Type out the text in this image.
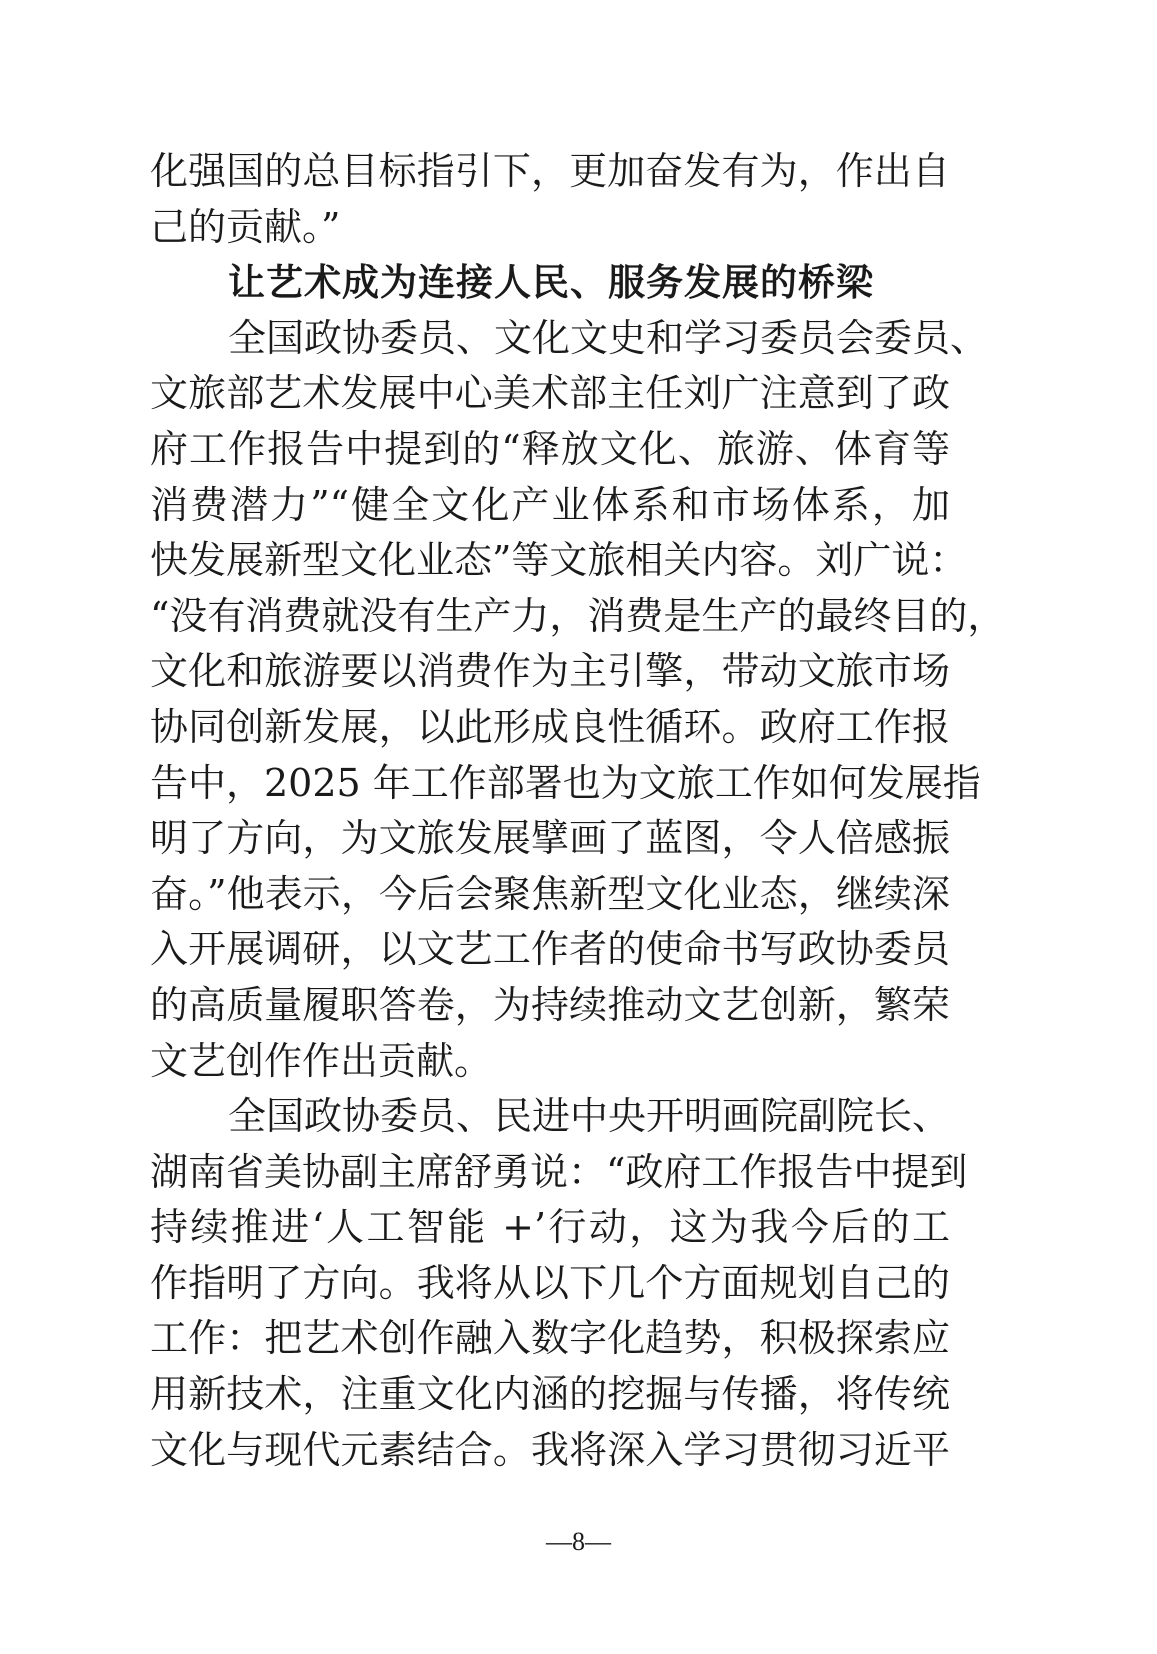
化强国的总目标指引下，更加奋发有为，作出自
己的贡献。”
让艺术成为连接人民、服务发展的桥梁
全国政协委员、文化文史和学习委员会委员、
文旅部艺术发展中心美术部主任刘广注意到了政
府工作报告中提到的“释放文化、旅游、体育等
消费潜力”“健全文化产业体系和市场体系，加
快发展新型文化业态”等文旅相关内容。刘广说：
“没有消费就没有生产力，消费是生产的最终目的，
文化和旅游要以消费作为主引擎，带动文旅市场
协同创新发展，以此形成良性循环。政府工作报
告中，2025 年工作部署也为文旅工作如何发展指
明了方向，为文旅发展擘画了蓝图，令人倍感振
奋。”他表示，今后会聚焦新型文化业态，继续深
入开展调研，以文艺工作者的使命书写政协委员
的高质量履职答卷，为持续推动文艺创新，繁荣
文艺创作作出贡献。
全国政协委员、民进中央开明画院副院长、
湖南省美协副主席舒勇说：“政府工作报告中提到
持续推进‘人工智能 +’行动，这为我今后的工
作指明了方向。我将从以下几个方面规划自己的
工作：把艺术创作融入数字化趋势，积极探索应
用新技术，注重文化内涵的挖掘与传播，将传统
文化与现代元素结合。我将深入学习贯彻习近平
—8—
